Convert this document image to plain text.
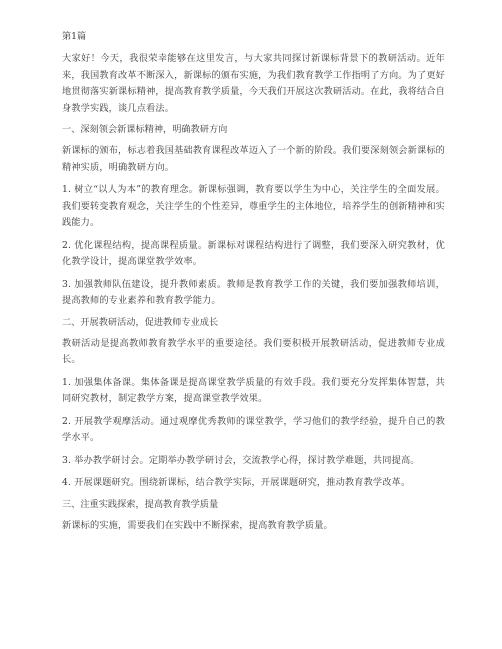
第1篇

大家好！今天，我很荣幸能够在这里发言，与大家共同探讨新课标背景下的教研活动。近年来，我国教育改革不断深入，新课标的颁布实施，为我们教育教学工作指明了方向。为了更好地贯彻落实新课标精神，提高教育教学质量，今天我们开展这次教研活动。在此，我将结合自身教学实践，谈几点看法。

一、深刻领会新课标精神，明确教研方向

新课标的颁布，标志着我国基础教育课程改革迈入了一个新的阶段。我们要深刻领会新课标的精神实质，明确教研方向。

1. 树立“以人为本”的教育理念。新课标强调，教育要以学生为中心，关注学生的全面发展。我们要转变教育观念，关注学生的个性差异，尊重学生的主体地位，培养学生的创新精神和实践能力。

2. 优化课程结构，提高课程质量。新课标对课程结构进行了调整，我们要深入研究教材，优化教学设计，提高课堂教学效率。

3. 加强教师队伍建设，提升教师素质。教师是教育教学工作的关键，我们要加强教师培训，提高教师的专业素养和教育教学能力。

二、开展教研活动，促进教师专业成长

教研活动是提高教师教育教学水平的重要途径。我们要积极开展教研活动，促进教师专业成长。

1. 加强集体备课。集体备课是提高课堂教学质量的有效手段。我们要充分发挥集体智慧，共同研究教材，制定教学方案，提高课堂教学效果。

2. 开展教学观摩活动。通过观摩优秀教师的课堂教学，学习他们的教学经验，提升自己的教学水平。

3. 举办教学研讨会。定期举办教学研讨会，交流教学心得，探讨教学难题，共同提高。

4. 开展课题研究。围绕新课标，结合教学实际，开展课题研究，推动教育教学改革。

三、注重实践探索，提高教育教学质量

新课标的实施，需要我们在实践中不断探索，提高教育教学质量。
